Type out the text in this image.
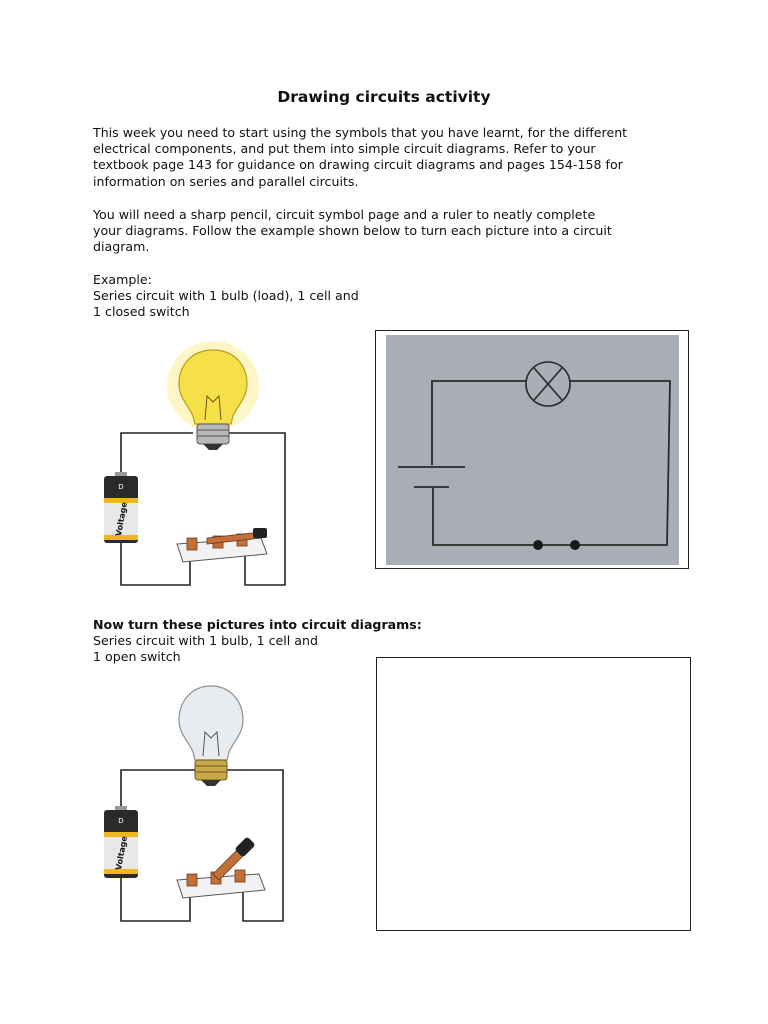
Drawing circuits activity
This week you need to start using the symbols that you have learnt, for the different
electrical components, and put them into simple circuit diagrams. Refer to your
textbook page 143 for guidance on drawing circuit diagrams and pages 154-158 for
information on series and parallel circuits.
You will need a sharp pencil, circuit symbol page and a ruler to neatly complete
your diagrams. Follow the example shown below to turn each picture into a circuit
diagram.
Example:
Series circuit with 1 bulb (load), 1 cell and
1 closed switch
D
Voltage
Now turn these pictures into circuit diagrams:
Series circuit with 1 bulb, 1 cell and
1 open switch
D
Voltage
